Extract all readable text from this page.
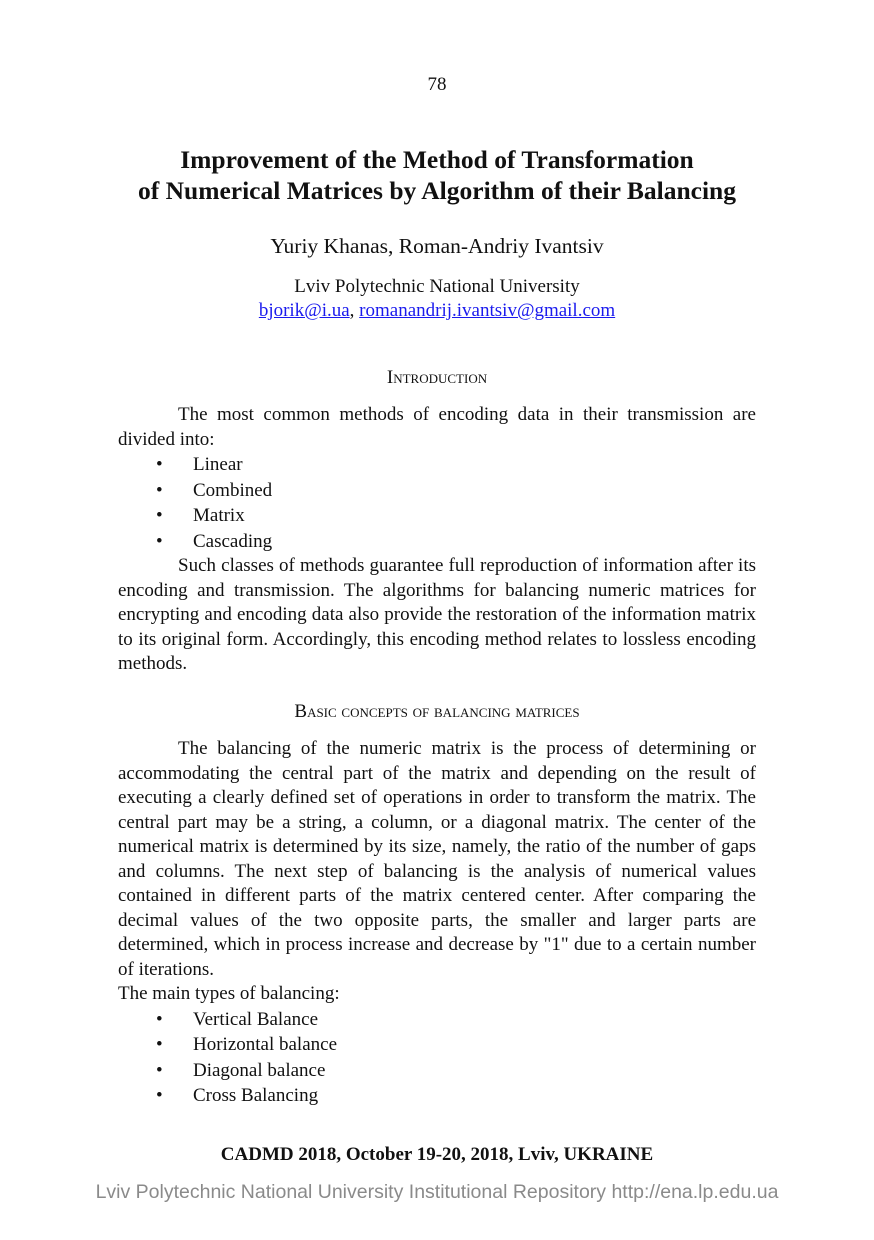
78
Improvement of the Method of Transformation
of Numerical Matrices by Algorithm of their Balancing
Yuriy Khanas, Roman-Andriy Ivantsiv
Lviv Polytechnic National University
bjorik@i.ua, romanandrij.ivantsiv@gmail.com
Introduction

The most common methods of encoding data in their transmission are divided into:

• Linear
• Combined
• Matrix
• Cascading

Such classes of methods guarantee full reproduction of information after its encoding and transmission. The algorithms for balancing numeric matrices for encrypting and encoding data also provide the restoration of the information matrix to its original form. Accordingly, this encoding method relates to lossless encoding methods.

Basic concepts of balancing matrices

The balancing of the numeric matrix is the process of determining or accommodating the central part of the matrix and depending on the result of executing a clearly defined set of operations in order to transform the matrix. The central part may be a string, a column, or a diagonal matrix. The center of the numerical matrix is determined by its size, namely, the ratio of the number of gaps and columns. The next step of balancing is the analysis of numerical values contained in different parts of the matrix centered center. After comparing the decimal values of the two opposite parts, the smaller and larger parts are determined, which in process increase and decrease by "1" due to a certain number of iterations.

The main types of balancing:

• Vertical Balance
• Horizontal balance
• Diagonal balance
• Cross Balancing
CADMD 2018, October 19-20, 2018, Lviv, UKRAINE
Lviv Polytechnic National University Institutional Repository http://ena.lp.edu.ua
